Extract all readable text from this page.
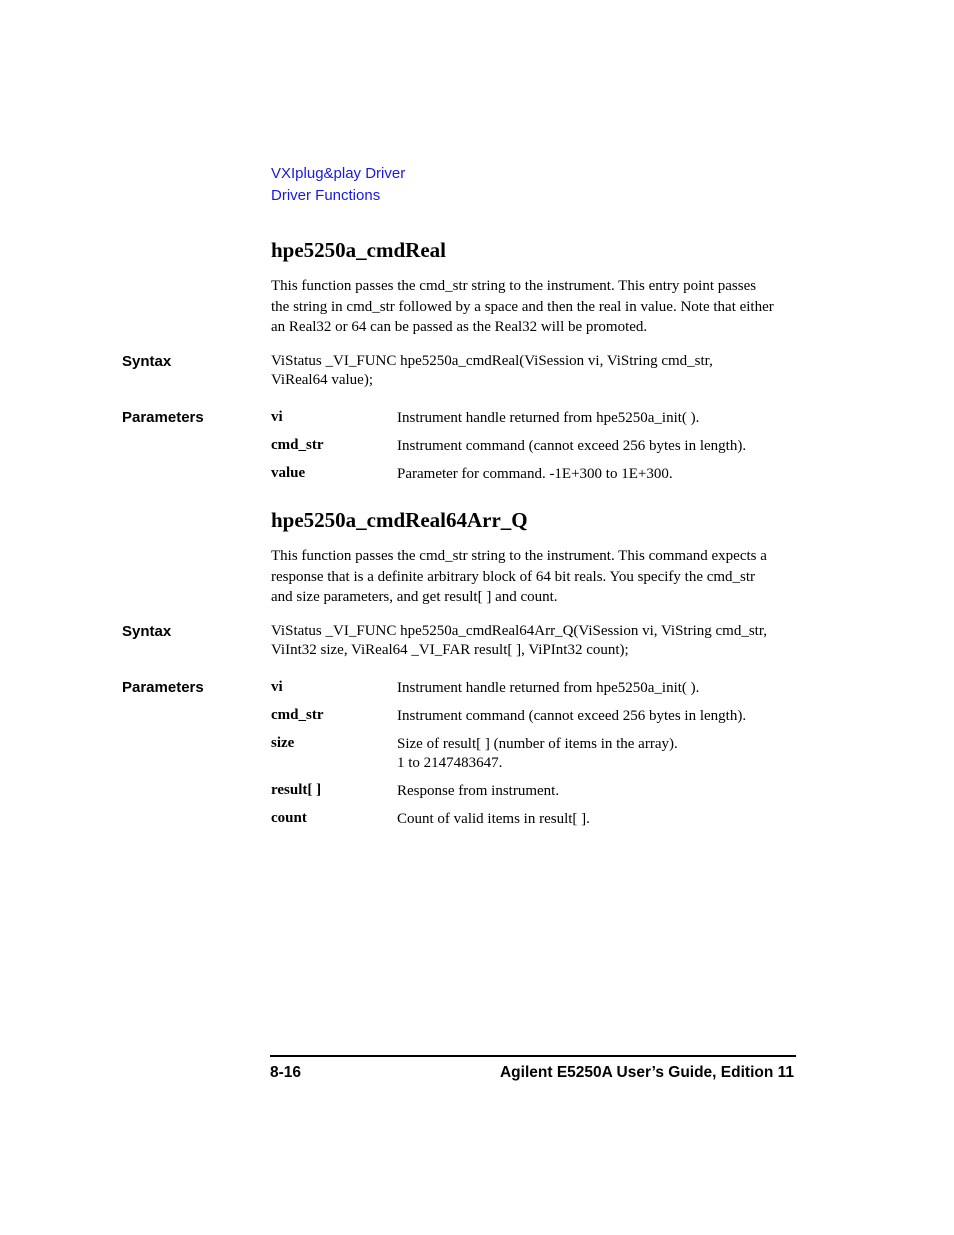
VXIplug&play Driver
Driver Functions
hpe5250a_cmdReal
This function passes the cmd_str string to the instrument. This entry point passes
the string in cmd_str followed by a space and then the real in value. Note that either
an Real32 or 64 can be passed as the Real32 will be promoted.
Syntax	ViStatus _VI_FUNC hpe5250a_cmdReal(ViSession vi, ViString cmd_str,
ViReal64 value);
Parameters	vi	Instrument handle returned from hpe5250a_init( ).
cmd_str	Instrument command (cannot exceed 256 bytes in length).
value	Parameter for command. -1E+300 to 1E+300.
hpe5250a_cmdReal64Arr_Q
This function passes the cmd_str string to the instrument. This command expects a
response that is a definite arbitrary block of 64 bit reals. You specify the cmd_str
and size parameters, and get result[ ] and count.
Syntax	ViStatus _VI_FUNC hpe5250a_cmdReal64Arr_Q(ViSession vi, ViString cmd_str,
ViInt32 size, ViReal64 _VI_FAR result[ ], ViPInt32 count);
Parameters	vi	Instrument handle returned from hpe5250a_init( ).
cmd_str	Instrument command (cannot exceed 256 bytes in length).
size	Size of result[ ] (number of items in the array).
1 to 2147483647.
result[ ]	Response from instrument.
count	Count of valid items in result[ ].
8-16	Agilent E5250A User’s Guide, Edition 11
